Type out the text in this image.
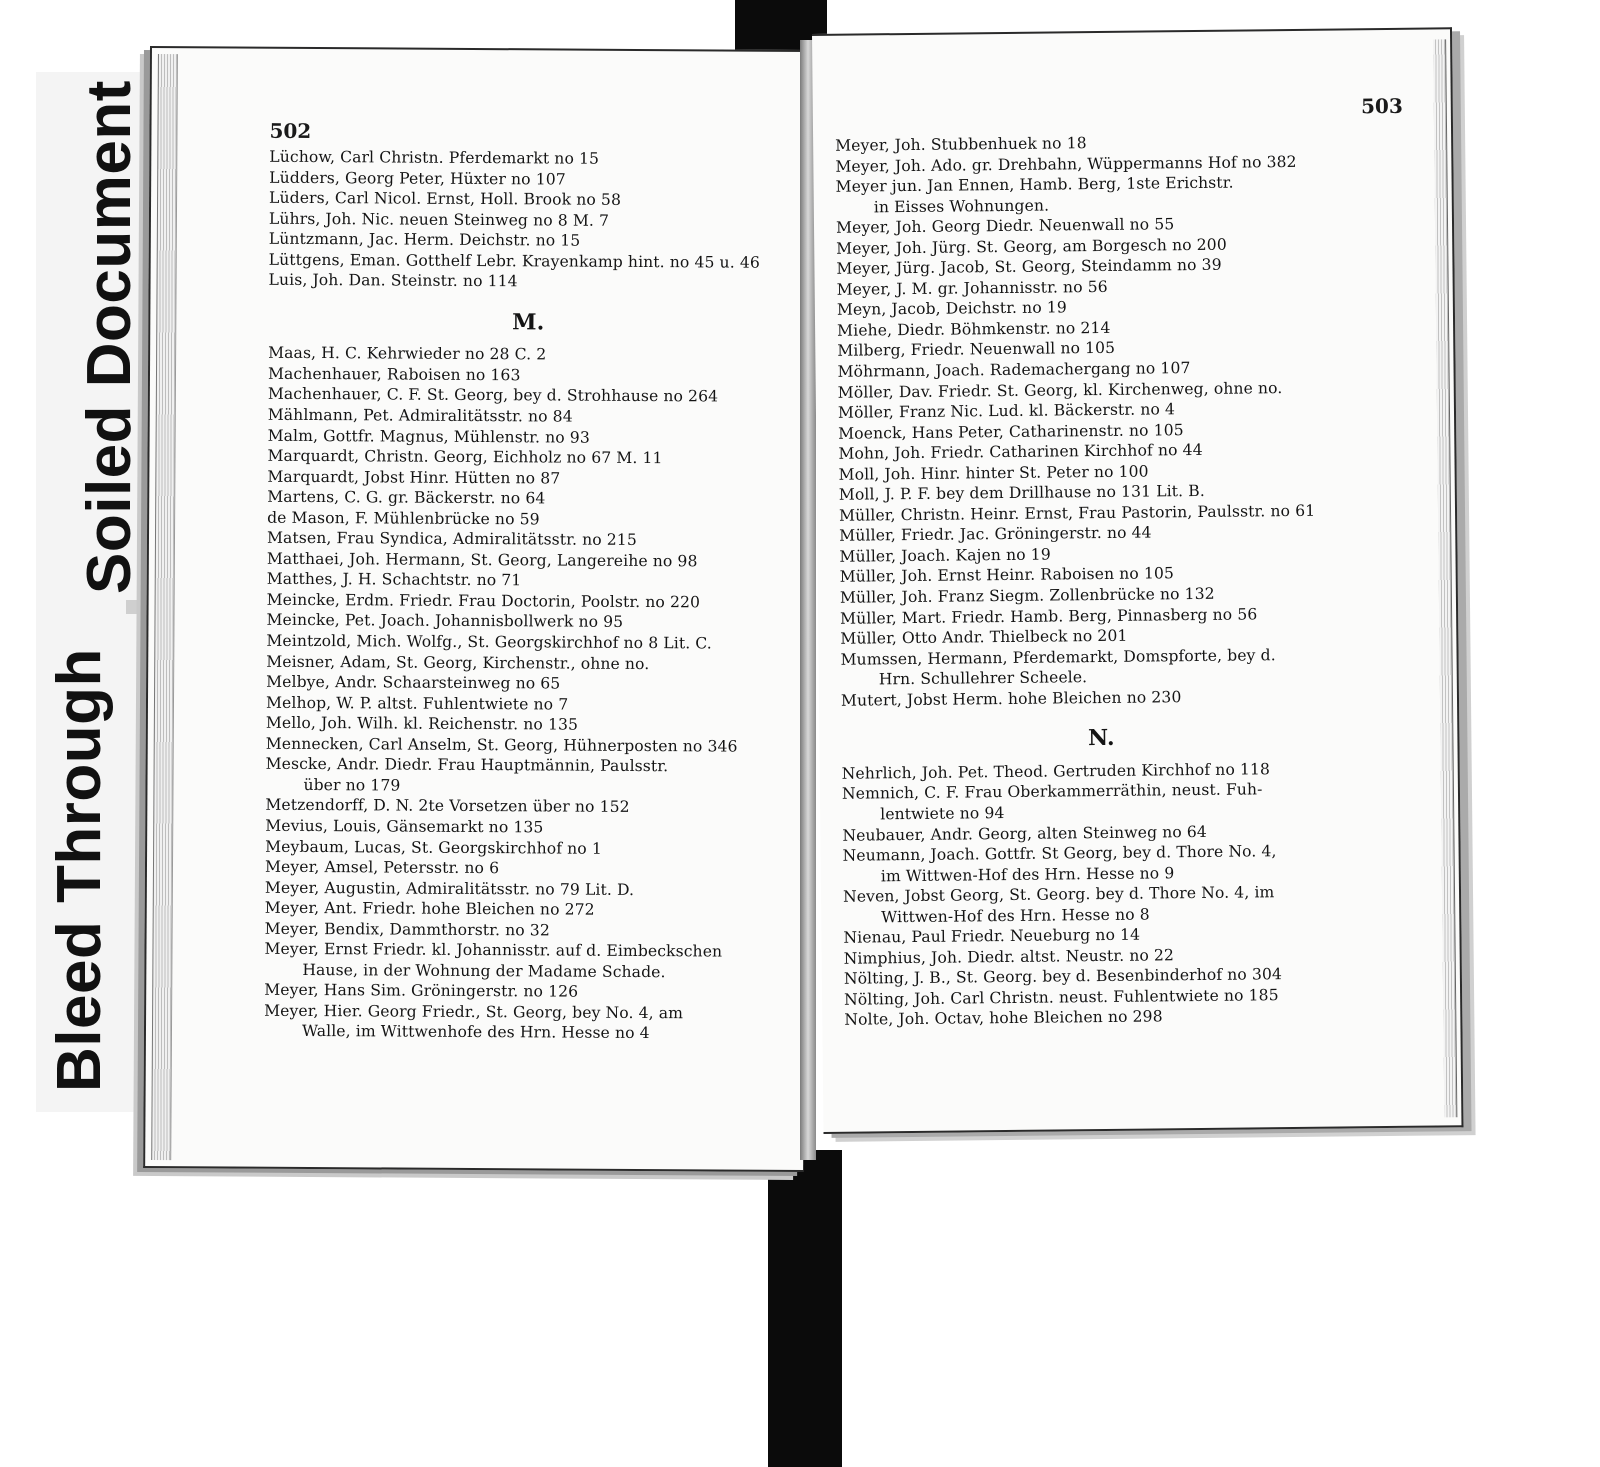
Soiled Document
Bleed Through
502
Lüchow, Carl Christn. Pferdemarkt no 15
Lüdders, Georg Peter, Hüxter no 107
Lüders, Carl Nicol. Ernst, Holl. Brook no 58
Lührs, Joh. Nic. neuen Steinweg no 8 M. 7
Lüntzmann, Jac. Herm. Deichstr. no 15
Lüttgens, Eman. Gotthelf Lebr. Krayenkamp hint. no 45 u. 46
Luis, Joh. Dan. Steinstr. no 114
M.
Maas, H. C. Kehrwieder no 28 C. 2
Machenhauer, Raboisen no 163
Machenhauer, C. F. St. Georg, bey d. Strohhause no 264
Mählmann, Pet. Admiralitätsstr. no 84
Malm, Gottfr. Magnus, Mühlenstr. no 93
Marquardt, Christn. Georg, Eichholz no 67 M. 11
Marquardt, Jobst Hinr. Hütten no 87
Martens, C. G. gr. Bäckerstr. no 64
de Mason, F. Mühlenbrücke no 59
Matsen, Frau Syndica, Admiralitätsstr. no 215
Matthaei, Joh. Hermann, St. Georg, Langereihe no 98
Matthes, J. H. Schachtstr. no 71
Meincke, Erdm. Friedr. Frau Doctorin, Poolstr. no 220
Meincke, Pet. Joach. Johannisbollwerk no 95
Meintzold, Mich. Wolfg., St. Georgskirchhof no 8 Lit. C.
Meisner, Adam, St. Georg, Kirchenstr., ohne no.
Melbye, Andr. Schaarsteinweg no 65
Melhop, W. P. altst. Fuhlentwiete no 7
Mello, Joh. Wilh. kl. Reichenstr. no 135
Mennecken, Carl Anselm, St. Georg, Hühnerposten no 346
Mescke, Andr. Diedr. Frau Hauptmännin, Paulsstr.
über no 179
Metzendorff, D. N. 2te Vorsetzen über no 152
Mevius, Louis, Gänsemarkt no 135
Meybaum, Lucas, St. Georgskirchhof no 1
Meyer, Amsel, Petersstr. no 6
Meyer, Augustin, Admiralitätsstr. no 79 Lit. D.
Meyer, Ant. Friedr. hohe Bleichen no 272
Meyer, Bendix, Dammthorstr. no 32
Meyer, Ernst Friedr. kl. Johannisstr. auf d. Eimbeckschen
Hause, in der Wohnung der Madame Schade.
Meyer, Hans Sim. Gröningerstr. no 126
Meyer, Hier. Georg Friedr., St. Georg, bey No. 4, am
Walle, im Wittwenhofe des Hrn. Hesse no 4
503
Meyer, Joh. Stubbenhuek no 18
Meyer, Joh. Ado. gr. Drehbahn, Wüppermanns Hof no 382
Meyer jun. Jan Ennen, Hamb. Berg, 1ste Erichstr.
in Eisses Wohnungen.
Meyer, Joh. Georg Diedr. Neuenwall no 55
Meyer, Joh. Jürg. St. Georg, am Borgesch no 200
Meyer, Jürg. Jacob, St. Georg, Steindamm no 39
Meyer, J. M. gr. Johannisstr. no 56
Meyn, Jacob, Deichstr. no 19
Miehe, Diedr. Böhmkenstr. no 214
Milberg, Friedr. Neuenwall no 105
Möhrmann, Joach. Rademachergang no 107
Möller, Dav. Friedr. St. Georg, kl. Kirchenweg, ohne no.
Möller, Franz Nic. Lud. kl. Bäckerstr. no 4
Moenck, Hans Peter, Catharinenstr. no 105
Mohn, Joh. Friedr. Catharinen Kirchhof no 44
Moll, Joh. Hinr. hinter St. Peter no 100
Moll, J. P. F. bey dem Drillhause no 131 Lit. B.
Müller, Christn. Heinr. Ernst, Frau Pastorin, Paulsstr. no 61
Müller, Friedr. Jac. Gröningerstr. no 44
Müller, Joach. Kajen no 19
Müller, Joh. Ernst Heinr. Raboisen no 105
Müller, Joh. Franz Siegm. Zollenbrücke no 132
Müller, Mart. Friedr. Hamb. Berg, Pinnasberg no 56
Müller, Otto Andr. Thielbeck no 201
Mumssen, Hermann, Pferdemarkt, Domspforte, bey d.
Hrn. Schullehrer Scheele.
Mutert, Jobst Herm. hohe Bleichen no 230
N.
Nehrlich, Joh. Pet. Theod. Gertruden Kirchhof no 118
Nemnich, C. F. Frau Oberkammerräthin, neust. Fuh-
lentwiete no 94
Neubauer, Andr. Georg, alten Steinweg no 64
Neumann, Joach. Gottfr. St Georg, bey d. Thore No. 4,
im Wittwen-Hof des Hrn. Hesse no 9
Neven, Jobst Georg, St. Georg. bey d. Thore No. 4, im
Wittwen-Hof des Hrn. Hesse no 8
Nienau, Paul Friedr. Neueburg no 14
Nimphius, Joh. Diedr. altst. Neustr. no 22
Nölting, J. B., St. Georg. bey d. Besenbinderhof no 304
Nölting, Joh. Carl Christn. neust. Fuhlentwiete no 185
Nolte, Joh. Octav, hohe Bleichen no 298
